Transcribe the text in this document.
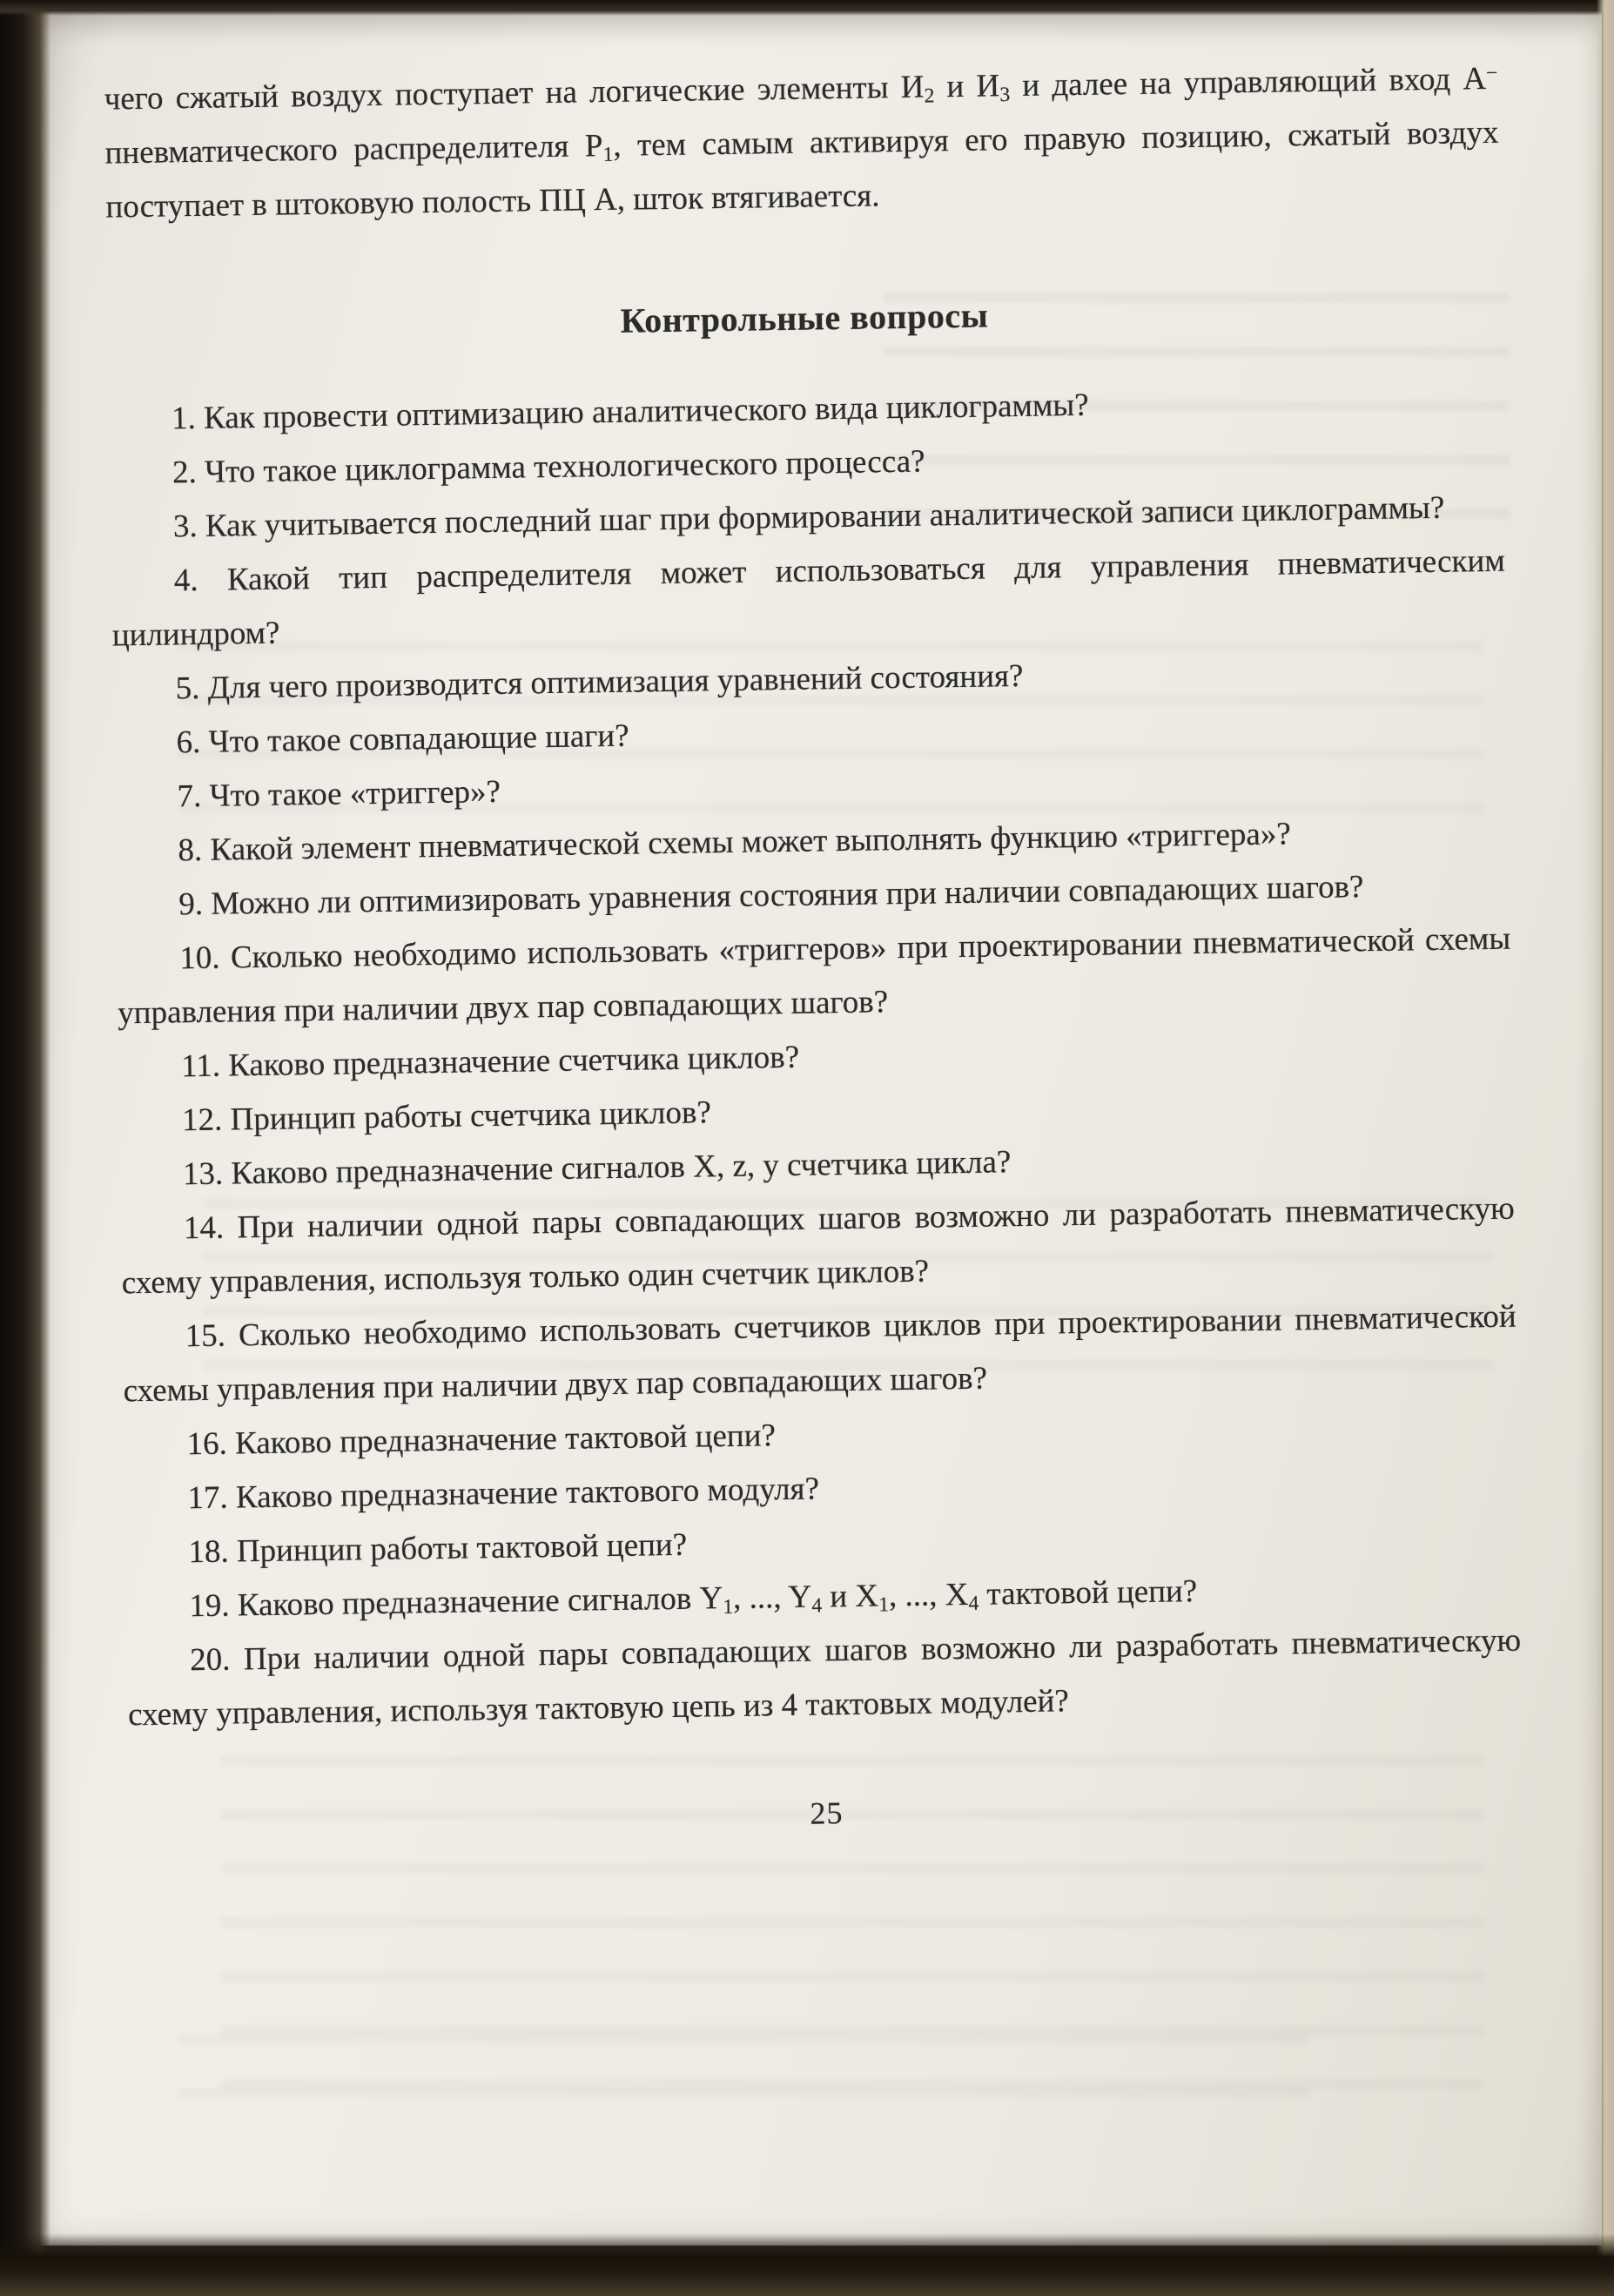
чего сжатый воздух поступает на логические элементы $И_2$ и $И_3$ и далее на управляющий вход А− пневматического распределителя $Р_1$, тем самым активируя его правую позицию, сжатый воздух поступает в штоковую полость ПЦ А, шток втягивается.

Контрольные вопросы

1. Как провести оптимизацию аналитического вида циклограммы?

2. Что такое циклограмма технологического процесса?

3. Как учитывается последний шаг при формировании аналитической записи циклограммы?

4. Какой тип распределителя может использоваться для управления пневматическим цилиндром?

5. Для чего производится оптимизация уравнений состояния?

6. Что такое совпадающие шаги?

7. Что такое «триггер»?

8. Какой элемент пневматической схемы может выполнять функцию «триггера»?

9. Можно ли оптимизировать уравнения состояния при наличии совпадающих шагов?

10. Сколько необходимо использовать «триггеров» при проектировании пневматической схемы управления при наличии двух пар совпадающих шагов?

11. Каково предназначение счетчика циклов?

12. Принцип работы счетчика циклов?

13. Каково предназначение сигналов X, z, y счетчика цикла?

14. При наличии одной пары совпадающих шагов возможно ли разработать пневматическую схему управления, используя только один счетчик циклов?

15. Сколько необходимо использовать счетчиков циклов при проектировании пневматической схемы управления при наличии двух пар совпадающих шагов?

16. Каково предназначение тактовой цепи?

17. Каково предназначение тактового модуля?

18. Принцип работы тактовой цепи?

19. Каково предназначение сигналов $Y_1$, ..., $Y_4$ и $X_1$, ..., $X_4$ тактовой цепи?

20. При наличии одной пары совпадающих шагов возможно ли разработать пневматическую схему управления, используя тактовую цепь из 4 тактовых модулей?

25
